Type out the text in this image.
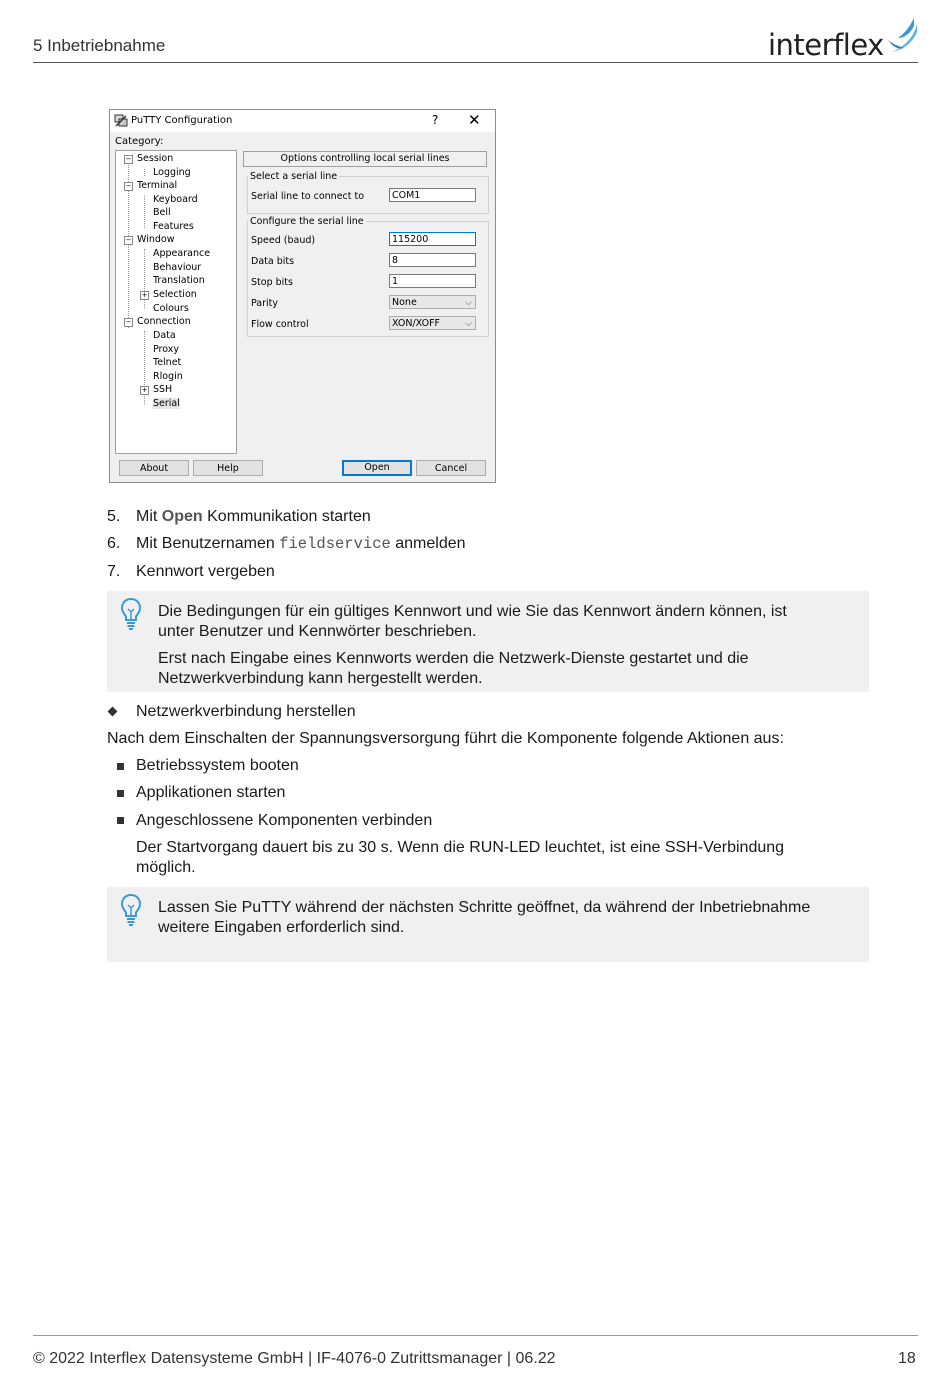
5 Inbetriebnahme	interflex
PuTTY Configuration	? ✕
Category:
− Session
Logging
− Terminal
Keyboard
Bell
Features
− Window
Appearance
Behaviour
Translation
+ Selection
Colours
− Connection
Data
Proxy
Telnet
Rlogin
+ SSH
Serial
Options controlling local serial lines
Select a serial line
Serial line to connect to	COM1
Configure the serial line
Speed (baud)	115200
Data bits	8
Stop bits	1
Parity	None	⌵
Flow control	XON/XOFF	⌵
About	Help	Open	Cancel
5. Mit Open Kommunikation starten
6. Mit Benutzernamen fieldservice anmelden
7. Kennwort vergeben
Die Bedingungen für ein gültiges Kennwort und wie Sie das Kennwort ändern können, ist
unter Benutzer und Kennwörter beschrieben.
Erst nach Eingabe eines Kennworts werden die Netzwerk-Dienste gestartet und die
Netzwerkverbindung kann hergestellt werden.
Netzwerkverbindung herstellen
Nach dem Einschalten der Spannungsversorgung führt die Komponente folgende Aktionen aus:
Betriebssystem booten
Applikationen starten
Angeschlossene Komponenten verbinden
Der Startvorgang dauert bis zu 30 s. Wenn die RUN-LED leuchtet, ist eine SSH-Verbindung
möglich.
Lassen Sie PuTTY während der nächsten Schritte geöffnet, da während der Inbetriebnahme
weitere Eingaben erforderlich sind.
© 2022 Interflex Datensysteme GmbH | IF-4076-0 Zutrittsmanager | 06.22	18
